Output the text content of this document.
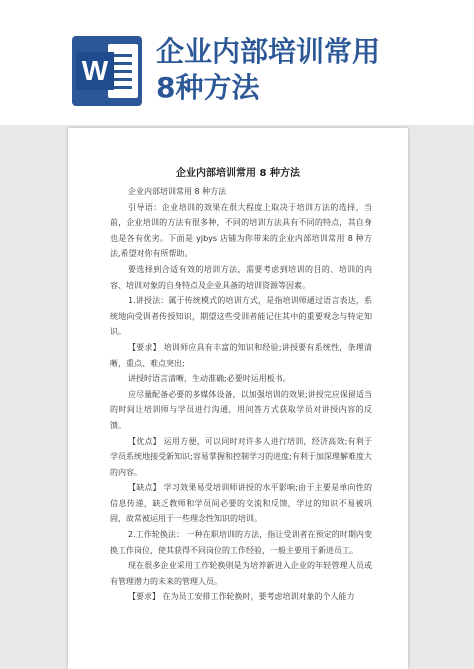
W
企业内部培训常用
8种方法
企业内部培训常用 8 种方法

企业内部培训常用 8 种方法

引导语：企业培训的效果在很大程度上取决于培训方法的选择，当前，企业培训的方法有很多种，不同的培训方法具有不同的特点，其自身也是各有优劣。下面是 yjbys 店铺为你带来的企业内部培训常用 8 种方法,希望对你有所帮助。

要选择到合适有效的培训方法，需要考虑到培训的目的、培训的内容、培训对象的自身特点及企业具备的培训资源等因素。

1.讲授法：属于传统模式的培训方式，是指培训师通过语言表达，系统地向受训者传授知识，期望这些受训者能记住其中的重要观念与特定知识。

【要求】 培训师应具有丰富的知识和经验;讲授要有系统性，条理清晰，重点、难点突出;

讲授时语言清晰，生动准确;必要时运用板书。

应尽量配备必要的多媒体设备，以加强培训的效果;讲授完应保留适当的时间让培训师与学员进行沟通，用问答方式获取学员对讲授内容的反馈。

【优点】 运用方便，可以同时对许多人进行培训，经济高效;有利于学员系统地接受新知识;容易掌握和控制学习的进度;有利于加深理解难度大的内容。

【缺点】 学习效果易受培训师讲授的水平影响;由于主要是单向性的信息传递，缺乏教师和学员间必要的交流和反馈，学过的知识不易被巩固，故常被运用于一些理念性知识的培训。

2.工作轮换法： 一种在职培训的方法，指让受训者在预定的时期内变换工作岗位，使其获得不同岗位的工作经验，一般主要用于新进员工。

现在很多企业采用工作轮换则是为培养新进入企业的年轻管理人员或有管理潜力的未来的管理人员。

【要求】 在为员工安排工作轮换时，要考虑培训对象的个人能力
